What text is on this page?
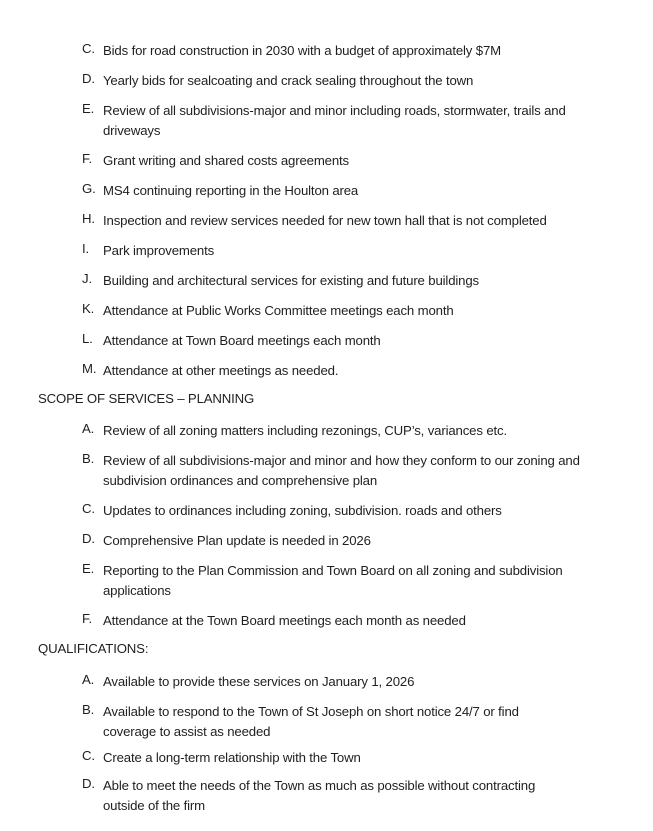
C. Bids for road construction in 2030 with a budget of approximately $7M
D. Yearly bids for sealcoating and crack sealing throughout the town
E. Review of all subdivisions-major and minor including roads, stormwater, trails and driveways
F. Grant writing and shared costs agreements
G. MS4 continuing reporting in the Houlton area
H. Inspection and review services needed for new town hall that is not completed
I. Park improvements
J. Building and architectural services for existing and future buildings
K. Attendance at Public Works Committee meetings each month
L. Attendance at Town Board meetings each month
M. Attendance at other meetings as needed.
SCOPE OF SERVICES – PLANNING
A. Review of all zoning matters including rezonings, CUP’s, variances etc.
B. Review of all subdivisions-major and minor and how they conform to our zoning and subdivision ordinances and comprehensive plan
C. Updates to ordinances including zoning, subdivision. roads and others
D. Comprehensive Plan update is needed in 2026
E. Reporting to the Plan Commission and Town Board on all zoning and subdivision applications
F. Attendance at the Town Board meetings each month as needed
QUALIFICATIONS:
A. Available to provide these services on January 1, 2026
B. Available to respond to the Town of St Joseph on short notice 24/7 or find coverage to assist as needed
C. Create a long-term relationship with the Town
D. Able to meet the needs of the Town as much as possible without contracting outside of the firm
